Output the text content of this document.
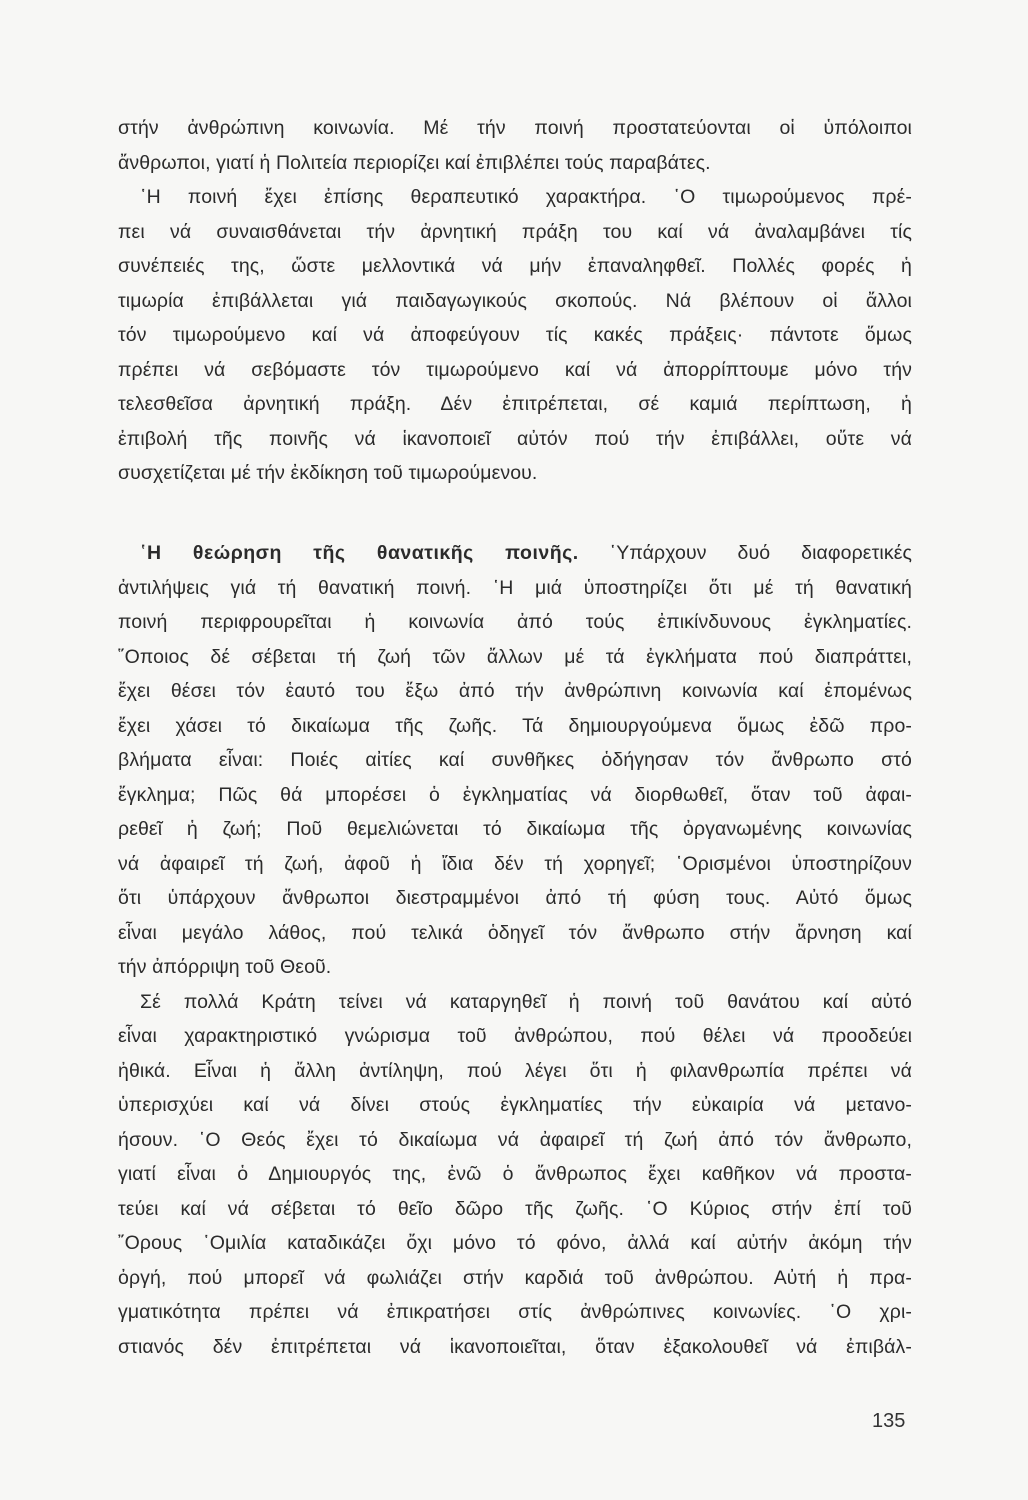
στήν ἀνθρώπινη κοινωνία. Μέ τήν ποινή προστατεύονται οἱ ὑπόλοιποι
ἄνθρωποι, γιατί ἡ Πολιτεία περιορίζει καί ἐπιβλέπει τούς παραβάτες.
῾Η ποινή ἔχει ἐπίσης θεραπευτικό χαρακτήρα. ῾Ο τιμωρούμενος πρέ-
πει νά συναισθάνεται τήν ἀρνητική πράξη του καί νά ἀναλαμβάνει τίς
συνέπειές της, ὥστε μελλοντικά νά μήν ἐπαναληφθεῖ. Πολλές φορές ἡ
τιμωρία ἐπιβάλλεται γιά παιδαγωγικούς σκοπούς. Νά βλέπουν οἱ ἄλλοι
τόν τιμωρούμενο καί νά ἀποφεύγουν τίς κακές πράξεις· πάντοτε ὅμως
πρέπει νά σεβόμαστε τόν τιμωρούμενο καί νά ἀπορρίπτουμε μόνο τήν
τελεσθεῖσα ἀρνητική πράξη. Δέν ἐπιτρέπεται, σέ καμιά περίπτωση, ἡ
ἐπιβολή τῆς ποινῆς νά ἱκανοποιεῖ αὐτόν πού τήν ἐπιβάλλει, οὔτε νά
συσχετίζεται μέ τήν ἐκδίκηση τοῦ τιμωρούμενου.
῾Η θεώρηση τῆς θανατικῆς ποινῆς. ῾Υπάρχουν δυό διαφορετικές
ἀντιλήψεις γιά τή θανατική ποινή. ῾Η μιά ὑποστηρίζει ὅτι μέ τή θανατική
ποινή περιφρουρεῖται ἡ κοινωνία ἀπό τούς ἐπικίνδυνους ἐγκληματίες.
῞Οποιος δέ σέβεται τή ζωή τῶν ἄλλων μέ τά ἐγκλήματα πού διαπράττει,
ἔχει θέσει τόν ἑαυτό του ἔξω ἀπό τήν ἀνθρώπινη κοινωνία καί ἑπομένως
ἔχει χάσει τό δικαίωμα τῆς ζωῆς. Τά δημιουργούμενα ὅμως ἐδῶ προ-
βλήματα εἶναι: Ποιές αἰτίες καί συνθῆκες ὁδήγησαν τόν ἄνθρωπο στό
ἔγκλημα; Πῶς θά μπορέσει ὁ ἐγκληματίας νά διορθωθεῖ, ὅταν τοῦ ἀφαι-
ρεθεῖ ἡ ζωή; Ποῦ θεμελιώνεται τό δικαίωμα τῆς ὀργανωμένης κοινωνίας
νά ἀφαιρεῖ τή ζωή, ἀφοῦ ἡ ἴδια δέν τή χορηγεῖ; ῾Ορισμένοι ὑποστηρίζουν
ὅτι ὑπάρχουν ἄνθρωποι διεστραμμένοι ἀπό τή φύση τους. Αὐτό ὅμως
εἶναι μεγάλο λάθος, πού τελικά ὁδηγεῖ τόν ἄνθρωπο στήν ἄρνηση καί
τήν ἀπόρριψη τοῦ Θεοῦ.
Σέ πολλά Κράτη τείνει νά καταργηθεῖ ἡ ποινή τοῦ θανάτου καί αὐτό
εἶναι χαρακτηριστικό γνώρισμα τοῦ ἀνθρώπου, πού θέλει νά προοδεύει
ἠθικά. Εἶναι ἡ ἄλλη ἀντίληψη, πού λέγει ὅτι ἡ φιλανθρωπία πρέπει νά
ὑπερισχύει καί νά δίνει στούς ἐγκληματίες τήν εὐκαιρία νά μετανο-
ήσουν. ῾Ο Θεός ἔχει τό δικαίωμα νά ἀφαιρεῖ τή ζωή ἀπό τόν ἄνθρωπο,
γιατί εἶναι ὁ Δημιουργός της, ἐνῶ ὁ ἄνθρωπος ἔχει καθῆκον νά προστα-
τεύει καί νά σέβεται τό θεῖο δῶρο τῆς ζωῆς. ῾Ο Κύριος στήν ἐπί τοῦ
῎Ορους ῾Ομιλία καταδικάζει ὄχι μόνο τό φόνο, ἀλλά καί αὐτήν ἀκόμη τήν
ὀργή, πού μπορεῖ νά φωλιάζει στήν καρδιά τοῦ ἀνθρώπου. Αὐτή ἡ πρα-
γματικότητα πρέπει νά ἐπικρατήσει στίς ἀνθρώπινες κοινωνίες. ῾Ο χρι-
στιανός δέν ἐπιτρέπεται νά ἱκανοποιεῖται, ὅταν ἐξακολουθεῖ νά ἐπιβάλ-
135
